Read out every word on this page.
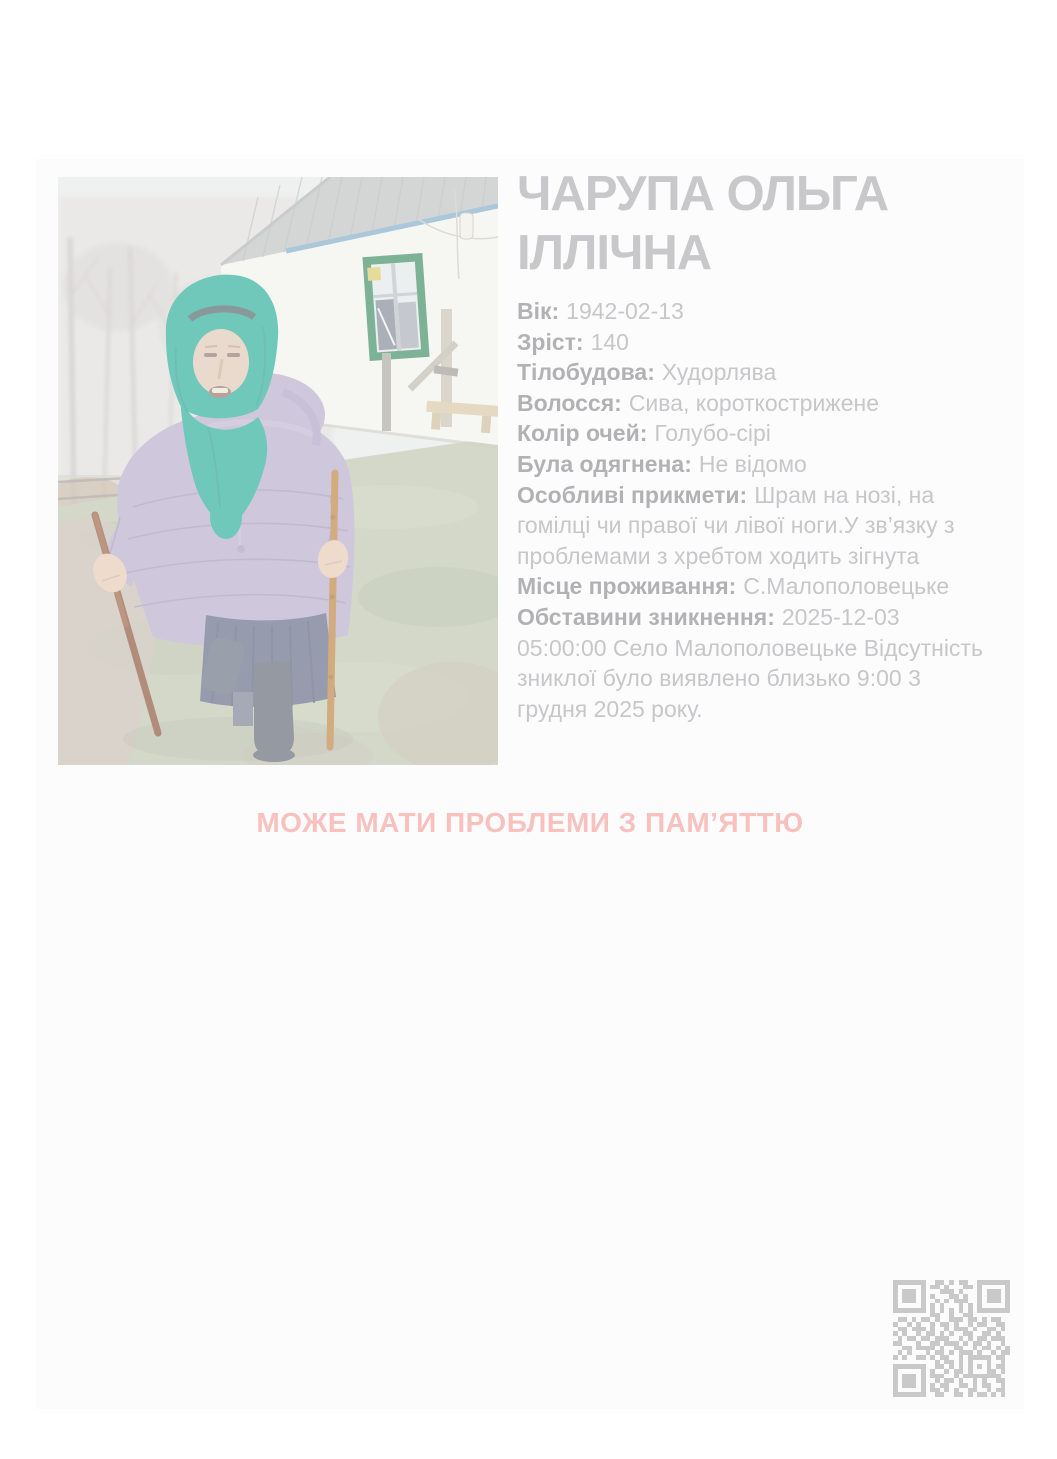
ЧАРУПА ОЛЬГА ІЛЛІЧНА

Вік: 1942-02-13

Зріст: 140

Тілобудова: Худорлява

Волосся: Сива, короткострижене

Колір очей: Голубо-сірі

Була одягнена: Не відомо

Особливі прикмети: Шрам на нозі, на гомілці чи правої чи лівої ноги.У зв’язку з проблемами з хребтом ходить зігнута

Місце проживання: С.Малополовецьке

Обставини зникнення: 2025-12-03 05:00:00 Село Малополовецьке Відсутність зниклої було виявлено близько 9:00 3 грудня 2025 року.

МОЖЕ МАТИ ПРОБЛЕМИ З ПАМ’ЯТТЮ
